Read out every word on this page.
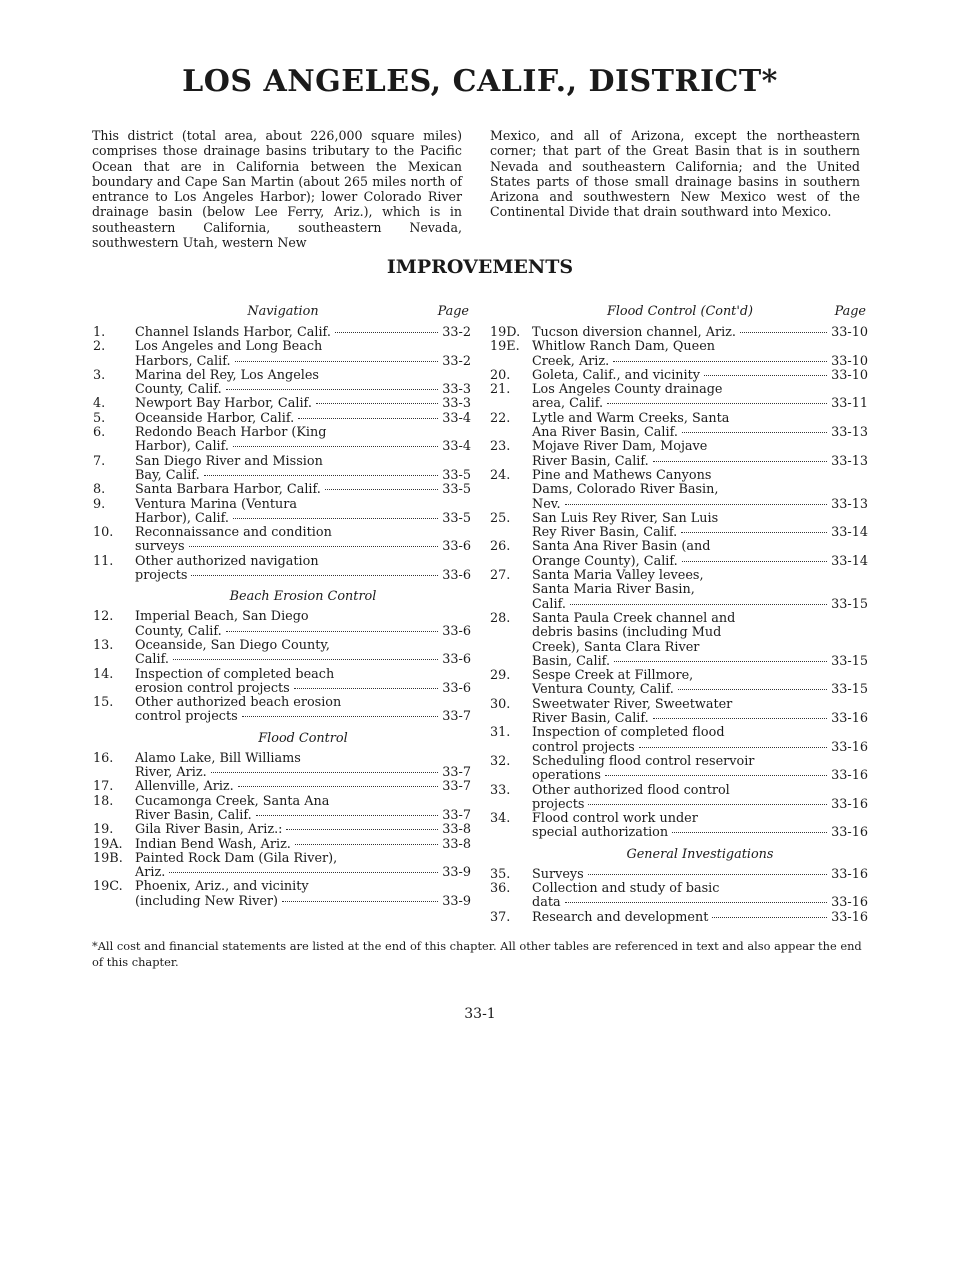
LOS ANGELES, CALIF., DISTRICT*
This district (total area, about 226,000 square miles) comprises those drainage basins tributary to the Pacific Ocean that are in California between the Mexican boundary and Cape San Martin (about 265 miles north of entrance to Los Angeles Harbor); lower Colorado River drainage basin (below Lee Ferry, Ariz.), which is in southeastern California, southeastern Nevada, southwestern Utah, western New
Mexico, and all of Arizona, except the northeastern corner; that part of the Great Basin that is in southern Nevada and southeastern California; and the United States parts of those small drainage basins in southern Arizona and southwestern New Mexico west of the Continental Divide that drain southward into Mexico.
IMPROVEMENTS
Navigation	Page
1. Channel Islands Harbor, Calif.	33-2
2. Los Angeles and Long Beach
Harbors, Calif.	33-2
3. Marina del Rey, Los Angeles
County, Calif.	33-3
4. Newport Bay Harbor, Calif.	33-3
5. Oceanside Harbor, Calif.	33-4
6. Redondo Beach Harbor (King
Harbor), Calif.	33-4
7. San Diego River and Mission
Bay, Calif.	33-5
8. Santa Barbara Harbor, Calif.	33-5
9. Ventura Marina (Ventura
Harbor), Calif.	33-5
10. Reconnaissance and condition
surveys	33-6
11. Other authorized navigation
projects	33-6
Beach Erosion Control
12. Imperial Beach, San Diego
County, Calif.	33-6
13. Oceanside, San Diego County,
Calif.	33-6
14. Inspection of completed beach
erosion control projects	33-6
15. Other authorized beach erosion
control projects	33-7
Flood Control
16. Alamo Lake, Bill Williams
River, Ariz.	33-7
17. Allenville, Ariz.	33-7
18. Cucamonga Creek, Santa Ana
River Basin, Calif.	33-7
19. Gila River Basin, Ariz.:	33-8
19A. Indian Bend Wash, Ariz.	33-8
19B. Painted Rock Dam (Gila River),
Ariz.	33-9
19C. Phoenix, Ariz., and vicinity
(including New River)	33-9
Flood Control (Cont'd)	Page
19D. Tucson diversion channel, Ariz.	33-10
19E. Whitlow Ranch Dam, Queen
Creek, Ariz.	33-10
20. Goleta, Calif., and vicinity	33-10
21. Los Angeles County drainage
area, Calif.	33-11
22. Lytle and Warm Creeks, Santa
Ana River Basin, Calif.	33-13
23. Mojave River Dam, Mojave
River Basin, Calif.	33-13
24. Pine and Mathews Canyons
Dams, Colorado River Basin,
Nev.	33-13
25. San Luis Rey River, San Luis
Rey River Basin, Calif.	33-14
26. Santa Ana River Basin (and
Orange County), Calif.	33-14
27. Santa Maria Valley levees,
Santa Maria River Basin,
Calif.	33-15
28. Santa Paula Creek channel and
debris basins (including Mud
Creek), Santa Clara River
Basin, Calif.	33-15
29. Sespe Creek at Fillmore,
Ventura County, Calif.	33-15
30. Sweetwater River, Sweetwater
River Basin, Calif.	33-16
31. Inspection of completed flood
control projects	33-16
32. Scheduling flood control reservoir
operations	33-16
33. Other authorized flood control
projects	33-16
34. Flood control work under
special authorization	33-16
General Investigations
35. Surveys	33-16
36. Collection and study of basic
data	33-16
37. Research and development	33-16
*All cost and financial statements are listed at the end of this chapter. All other tables are referenced in text and also appear the end of this chapter.
33-1
